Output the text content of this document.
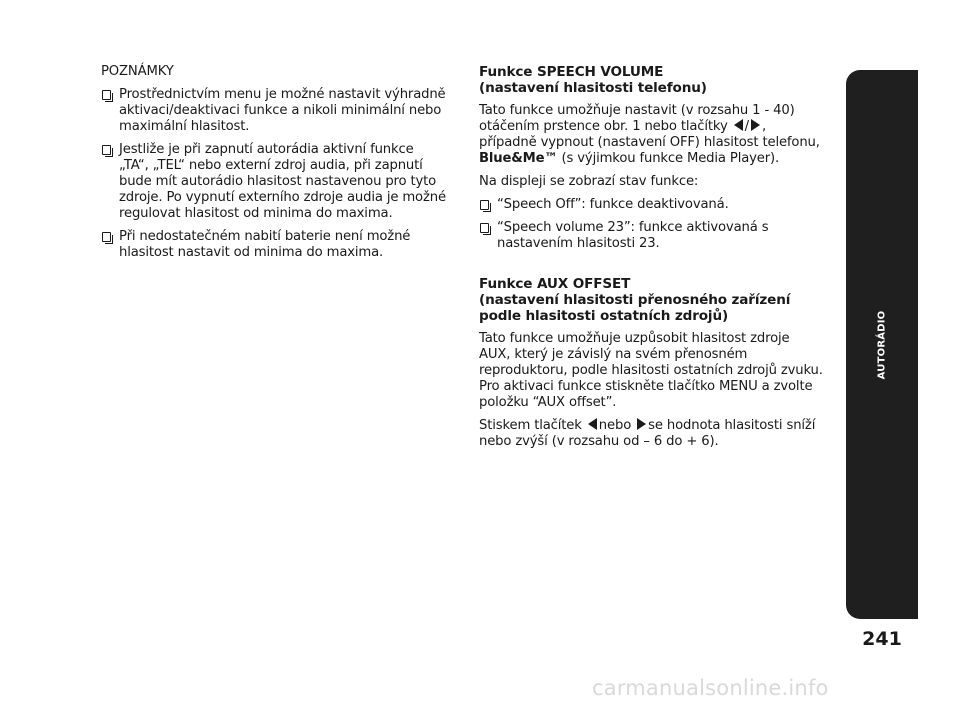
POZNÁMKY

Prostřednictvím menu je možné nastavit výhradně aktivaci/deaktivaci funkce a nikoli minimální nebo maximální hlasitost.
Jestliže je při zapnutí autorádia aktivní funkce „TA“, „TEL“ nebo externí zdroj audia, při zapnutí bude mít autorádio hlasitost nastavenou pro tyto zdroje. Po vypnutí externího zdroje audia je možné regulovat hlasitost od minima do maxima.
Při nedostatečném nabití baterie není možné hlasitost nastavit od minima do maxima.
Funkce SPEECH VOLUME
(nastavení hlasitosti telefonu)

Tato funkce umožňuje nastavit (v rozsahu 1 - 40) otáčením prstence obr. 1 nebo tlačítky / , případně vypnout (nastavení OFF) hlasitost telefonu, Blue&Me™ (s výjimkou funkce Media Player).

Na displeji se zobrazí stav funkce:

“Speech Off”: funkce deaktivovaná.
“Speech volume 23”: funkce aktivovaná s nastavením hlasitosti 23.
Funkce AUX OFFSET
(nastavení hlasitosti přenosného zařízení podle hlasitosti ostatních zdrojů)

Tato funkce umožňuje uzpůsobit hlasitost zdroje AUX, který je závislý na svém přenosném reproduktoru, podle hlasitosti ostatních zdrojů zvuku. Pro aktivaci funkce stiskněte tlačítko MENU a zvolte položku “AUX offset”.

Stiskem tlačítek nebo se hodnota hlasitosti sníží nebo zvýší (v rozsahu od – 6 do + 6).

AUTORÁDIO
241
carmanualsonline.info
